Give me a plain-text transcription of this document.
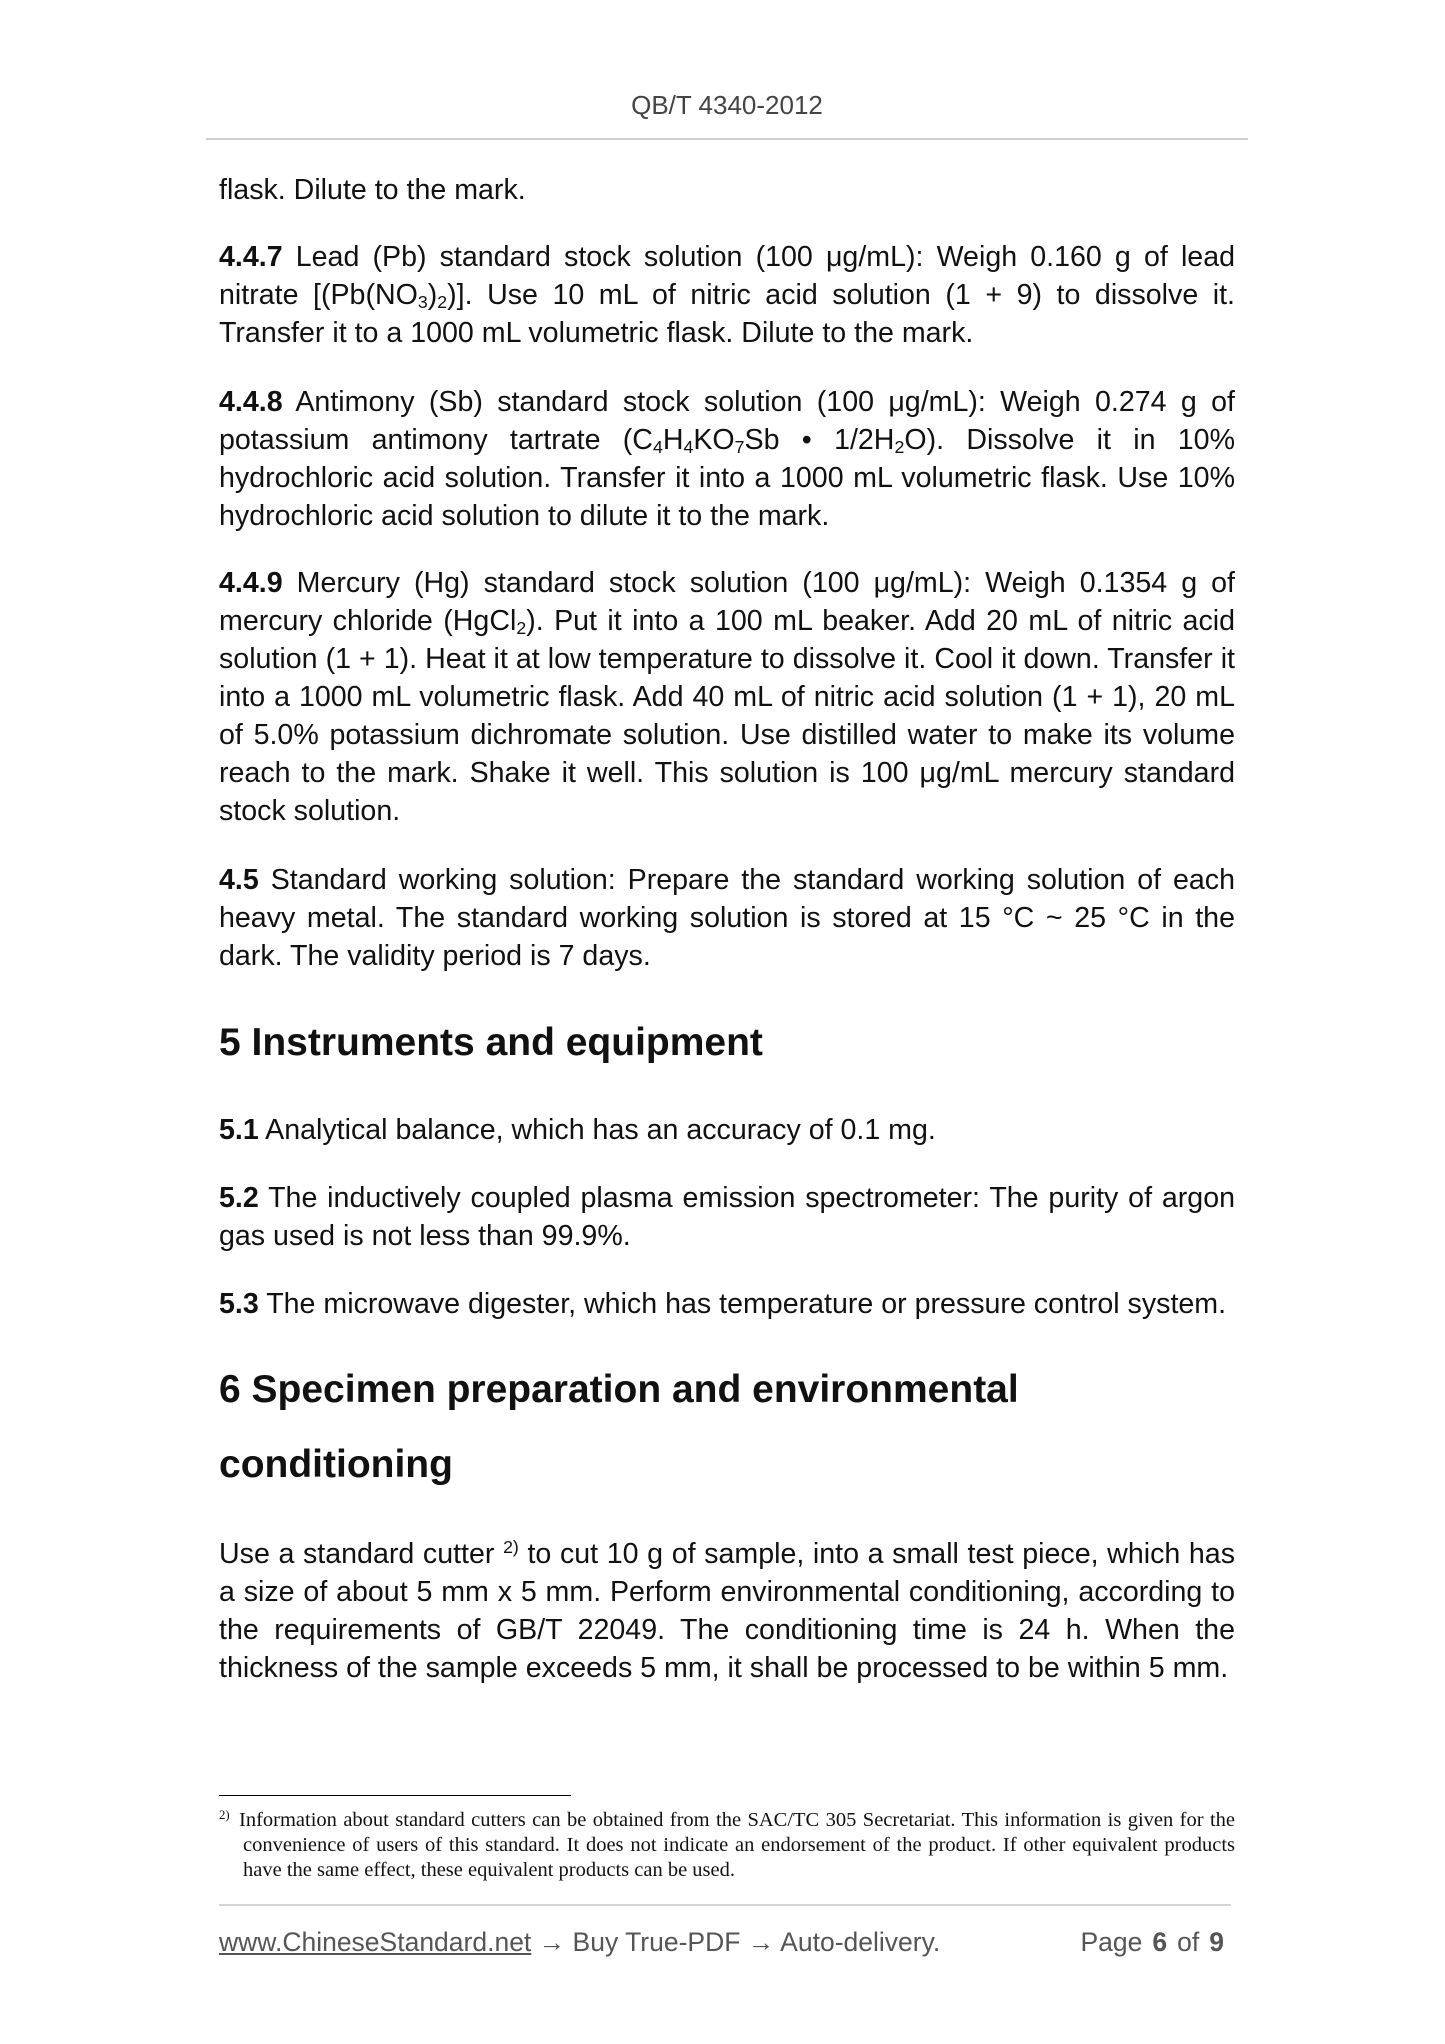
QB/T 4340-2012

flask. Dilute to the mark.

4.4.7 Lead (Pb) standard stock solution (100 μg/mL): Weigh 0.160 g of lead nitrate $[(Pb(NO_3)_2)]$. Use 10 mL of nitric acid solution (1 + 9) to dissolve it. Transfer it to a 1000 mL volumetric flask. Dilute to the mark.

4.4.8 Antimony (Sb) standard stock solution (100 μg/mL): Weigh 0.274 g of potassium antimony tartrate ($C_4H_4KO_7Sb$ • $1/2H_2O$). Dissolve it in 10% hydrochloric acid solution. Transfer it into a 1000 mL volumetric flask. Use 10% hydrochloric acid solution to dilute it to the mark.

4.4.9 Mercury (Hg) standard stock solution (100 μg/mL): Weigh 0.1354 g of mercury chloride (HgCl$_2$). Put it into a 100 mL beaker. Add 20 mL of nitric acid solution (1 + 1). Heat it at low temperature to dissolve it. Cool it down. Transfer it into a 1000 mL volumetric flask. Add 40 mL of nitric acid solution (1 + 1), 20 mL of 5.0% potassium dichromate solution. Use distilled water to make its volume reach to the mark. Shake it well. This solution is 100 μg/mL mercury standard stock solution.

4.5 Standard working solution: Prepare the standard working solution of each heavy metal. The standard working solution is stored at 15 °C ~ 25 °C in the dark. The validity period is 7 days.

5 Instruments and equipment

5.1 Analytical balance, which has an accuracy of 0.1 mg.

5.2 The inductively coupled plasma emission spectrometer: The purity of argon gas used is not less than 99.9%.

5.3 The microwave digester, which has temperature or pressure control system.

6 Specimen preparation and environmental conditioning

Use a standard cutter $^{2)}$ to cut 10 g of sample, into a small test piece, which has a size of about 5 mm x 5 mm. Perform environmental conditioning, according to the requirements of GB/T 22049. The conditioning time is 24 h. When the thickness of the sample exceeds 5 mm, it shall be processed to be within 5 mm.

$^{2)}$ Information about standard cutters can be obtained from the SAC/TC 305 Secretariat. This information is given for the convenience of users of this standard. It does not indicate an endorsement of the product. If other equivalent products have the same effect, these equivalent products can be used.

www.ChineseStandard.net → Buy True-PDF → Auto-delivery.	Page 6 of 9
